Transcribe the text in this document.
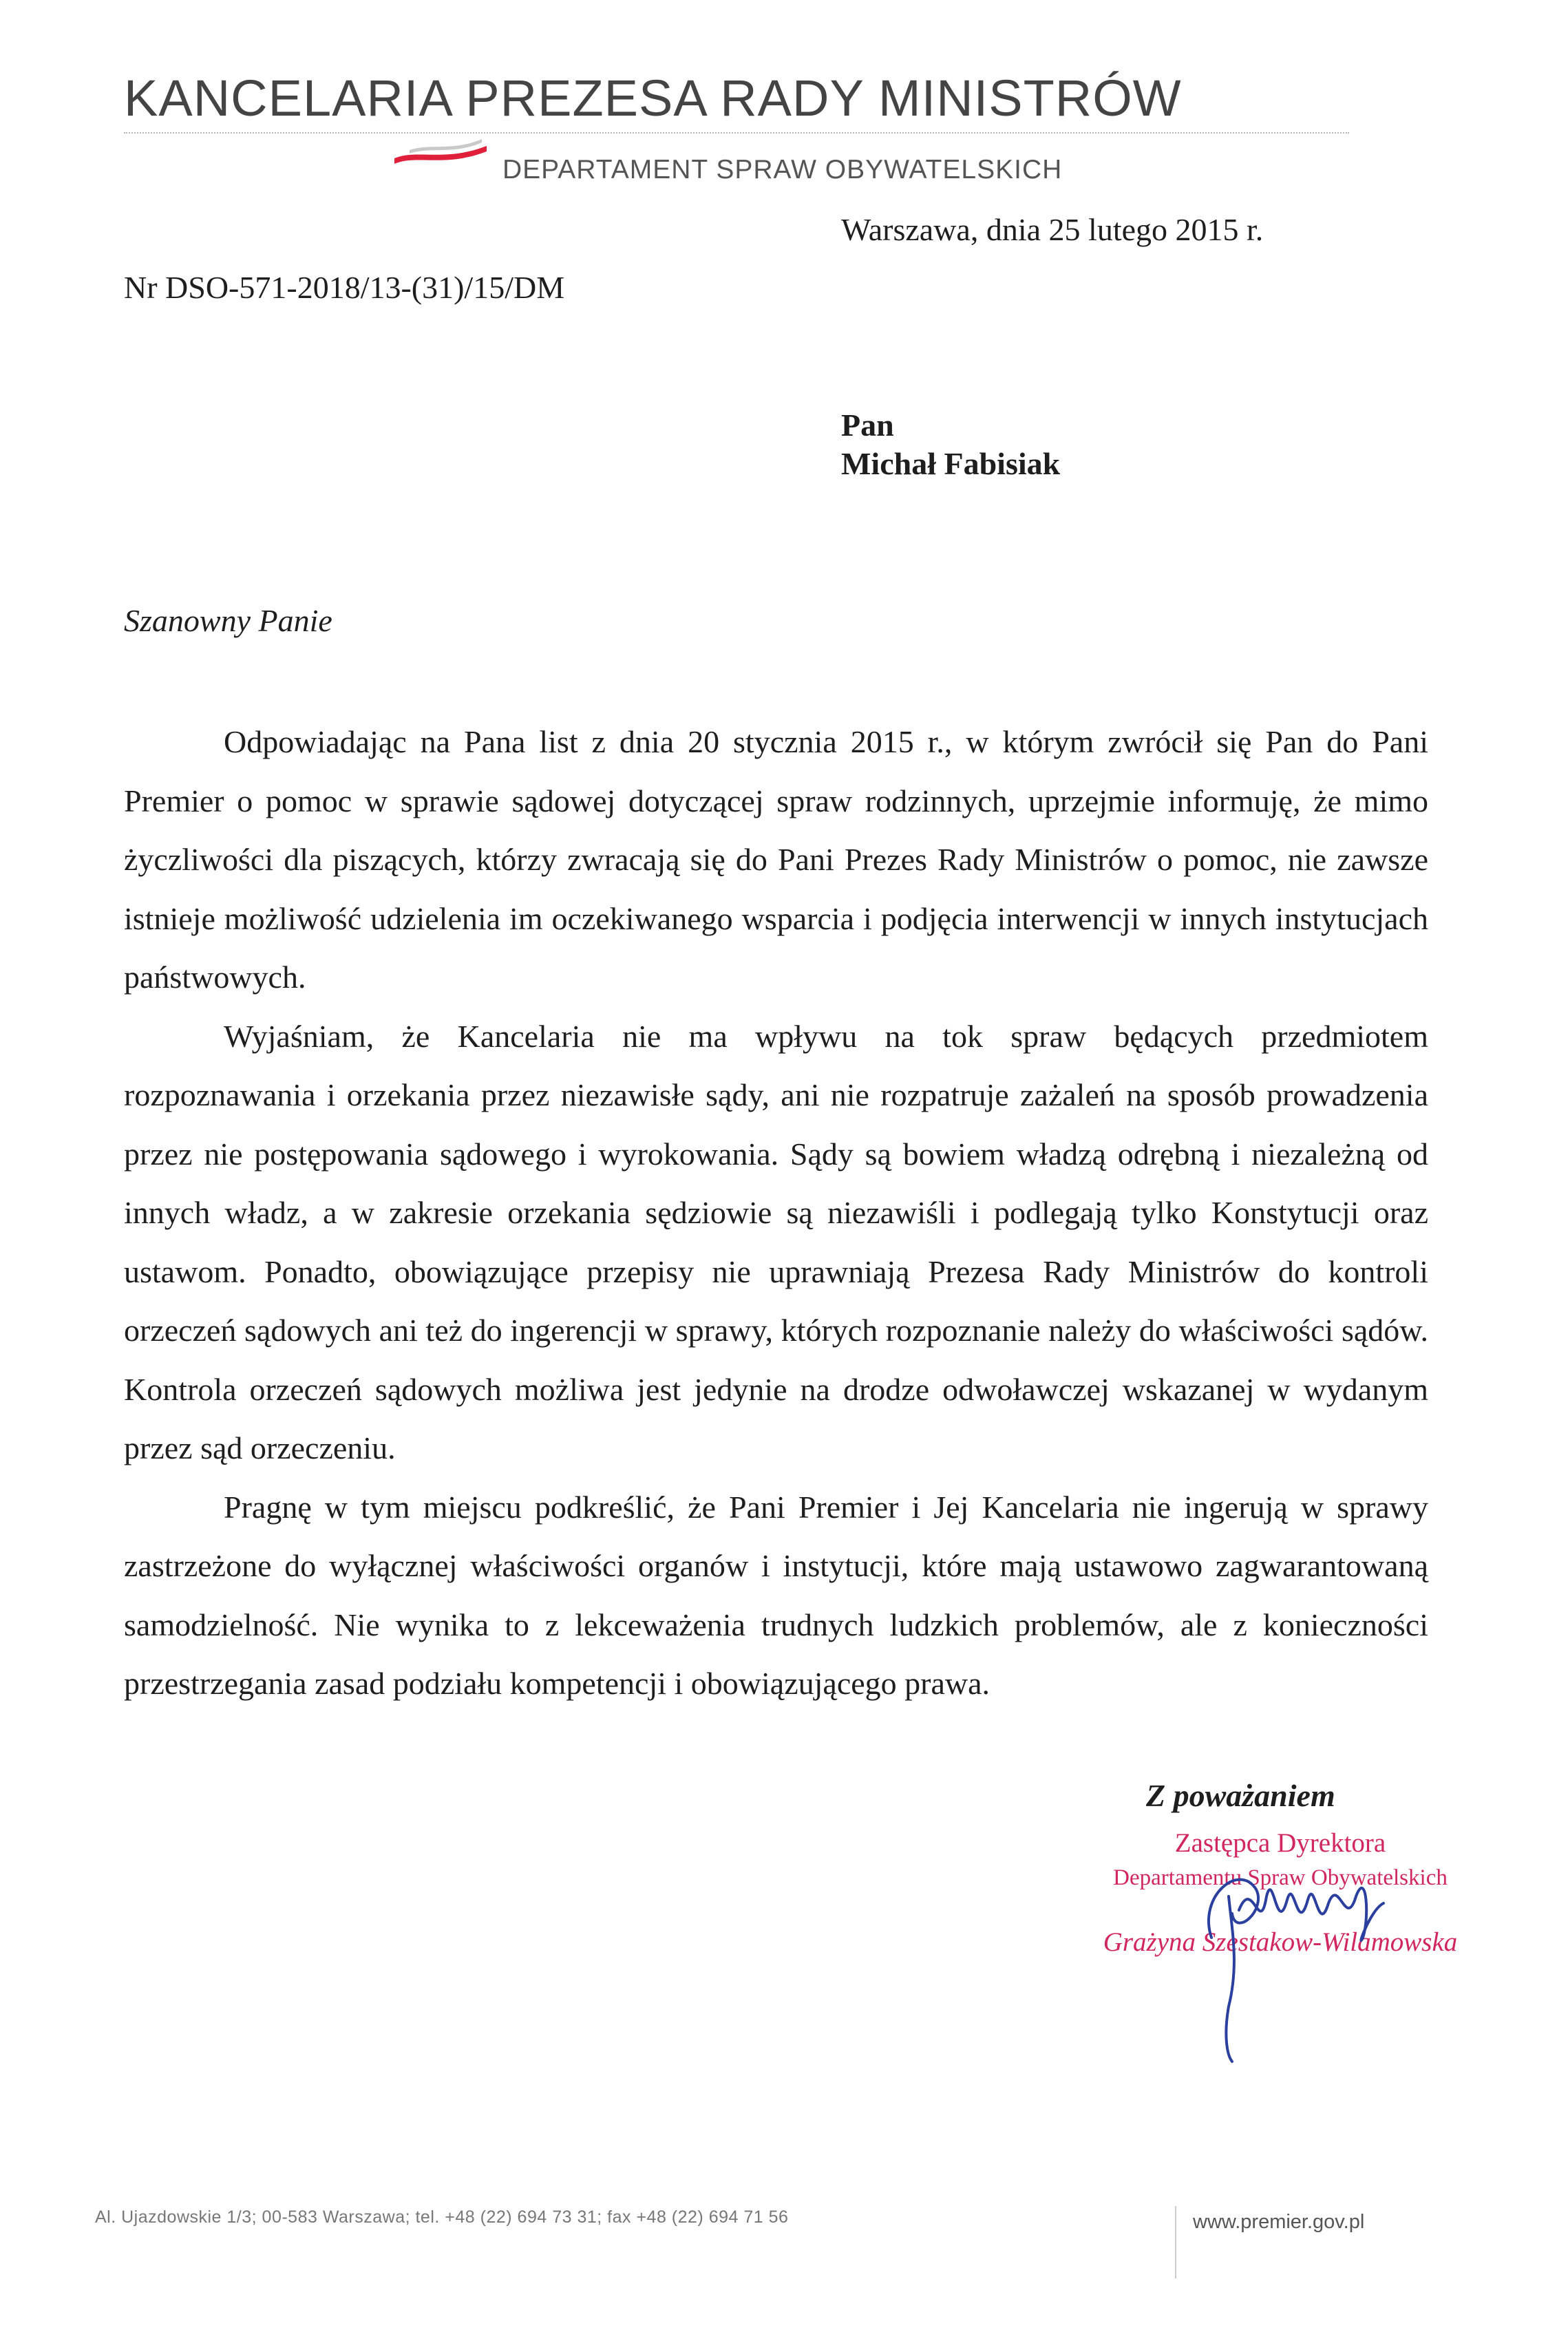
KANCELARIA PREZESA RADY MINISTRÓW
DEPARTAMENT SPRAW OBYWATELSKICH
Warszawa, dnia 25 lutego 2015 r.
Nr DSO-571-2018/13-(31)/15/DM
Pan
Michał Fabisiak
Szanowny Panie

Odpowiadając na Pana list z dnia 20 stycznia 2015 r., w którym zwrócił się Pan do Pani Premier o pomoc w sprawie sądowej dotyczącej spraw rodzinnych, uprzejmie informuję, że mimo życzliwości dla piszących, którzy zwracają się do Pani Prezes Rady Ministrów o pomoc, nie zawsze istnieje możliwość udzielenia im oczekiwanego wsparcia i podjęcia interwencji w innych instytucjach państwowych.

Wyjaśniam, że Kancelaria nie ma wpływu na tok spraw będących przedmiotem rozpoznawania i orzekania przez niezawisłe sądy, ani nie rozpatruje zażaleń na sposób prowadzenia przez nie postępowania sądowego i wyrokowania. Sądy są bowiem władzą odrębną i niezależną od innych władz, a w zakresie orzekania sędziowie są niezawiśli i podlegają tylko Konstytucji oraz ustawom. Ponadto, obowiązujące przepisy nie uprawniają Prezesa Rady Ministrów do kontroli orzeczeń sądowych ani też do ingerencji w sprawy, których rozpoznanie należy do właściwości sądów. Kontrola orzeczeń sądowych możliwa jest jedynie na drodze odwoławczej wskazanej w wydanym przez sąd orzeczeniu.

Pragnę w tym miejscu podkreślić, że Pani Premier i Jej Kancelaria nie ingerują w sprawy zastrzeżone do wyłącznej właściwości organów i instytucji, które mają ustawowo zagwarantowaną samodzielność. Nie wynika to z lekceważenia trudnych ludzkich problemów, ale z konieczności przestrzegania zasad podziału kompetencji i obowiązującego prawa.

Z poważaniem
Zastępca Dyrektora
Departamentu Spraw Obywatelskich
Grażyna Szestakow-Wilamowska
Al. Ujazdowskie 1/3; 00-583 Warszawa; tel. +48 (22) 694 73 31; fax +48 (22) 694 71 56	www.premier.gov.pl
